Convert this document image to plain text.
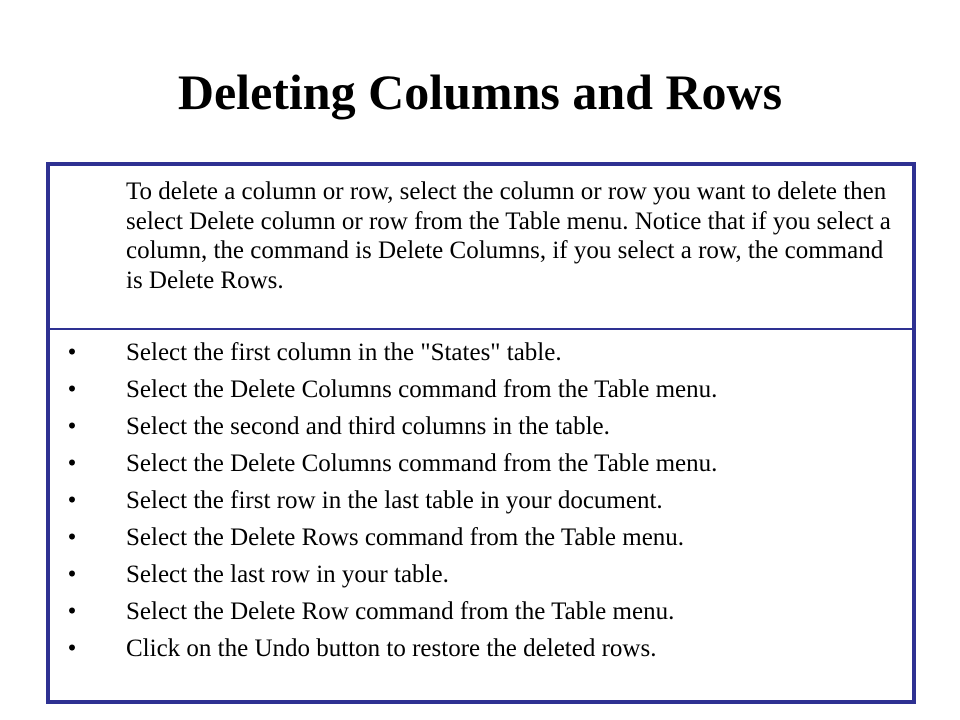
Deleting Columns and Rows

To delete a column or row, select the column or row you want to delete then select Delete column or row from the Table menu. Notice that if you select a column, the command is Delete Columns, if you select a row, the command is Delete Rows.

• Select the first column in the "States" table.
• Select the Delete Columns command from the Table menu.
• Select the second and third columns in the table.
• Select the Delete Columns command from the Table menu.
• Select the first row in the last table in your document.
• Select the Delete Rows command from the Table menu.
• Select the last row in your table.
• Select the Delete Row command from the Table menu.
• Click on the Undo button to restore the deleted rows.
